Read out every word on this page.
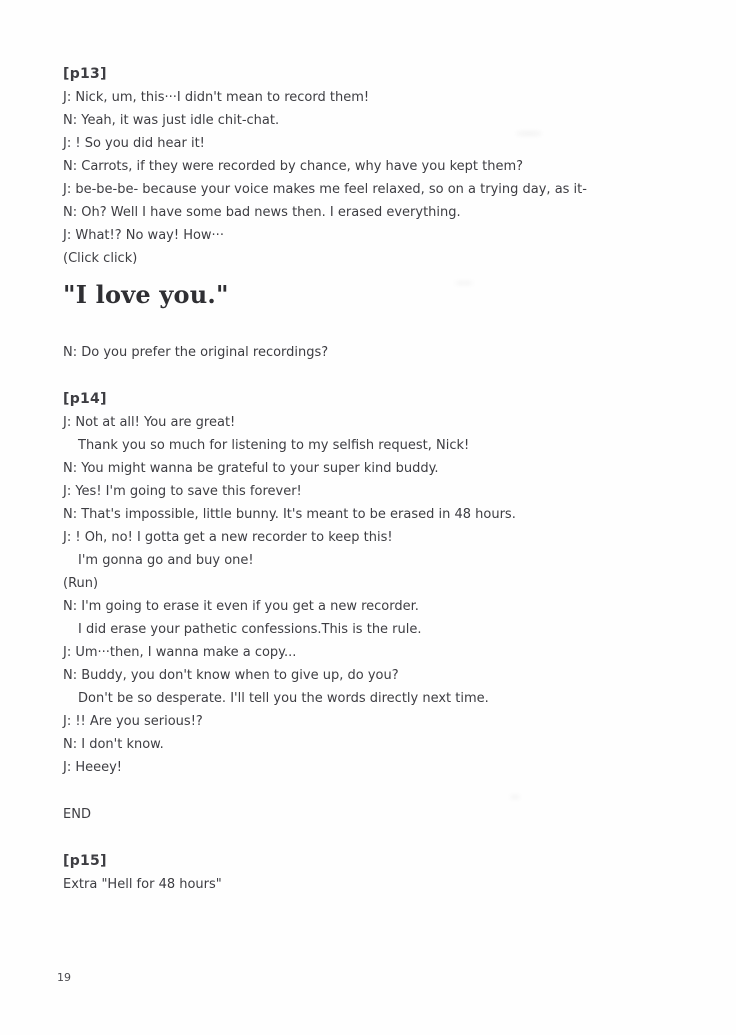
[p13]
J: Nick, um, this···I didn't mean to record them!
N: Yeah, it was just idle chit-chat.
J: ! So you did hear it!
N: Carrots, if they were recorded by chance, why have you kept them?
J: be-be-be- because your voice makes me feel relaxed, so on a trying day, as it-
N: Oh? Well I have some bad news then. I erased everything.
J: What!? No way! How···
(Click click)
"I love you."
N: Do you prefer the original recordings?
[p14]
J: Not at all! You are great!
Thank you so much for listening to my selfish request, Nick!
N: You might wanna be grateful to your super kind buddy.
J: Yes! I'm going to save this forever!
N: That's impossible, little bunny. It's meant to be erased in 48 hours.
J: ! Oh, no! I gotta get a new recorder to keep this!
I'm gonna go and buy one!
(Run)
N: I'm going to erase it even if you get a new recorder.
I did erase your pathetic confessions.This is the rule.
J: Um···then, I wanna make a copy...
N: Buddy, you don't know when to give up, do you?
Don't be so desperate. I'll tell you the words directly next time.
J: !! Are you serious!?
N: I don't know.
J: Heeey!
END
[p15]
Extra "Hell for 48 hours"
19
